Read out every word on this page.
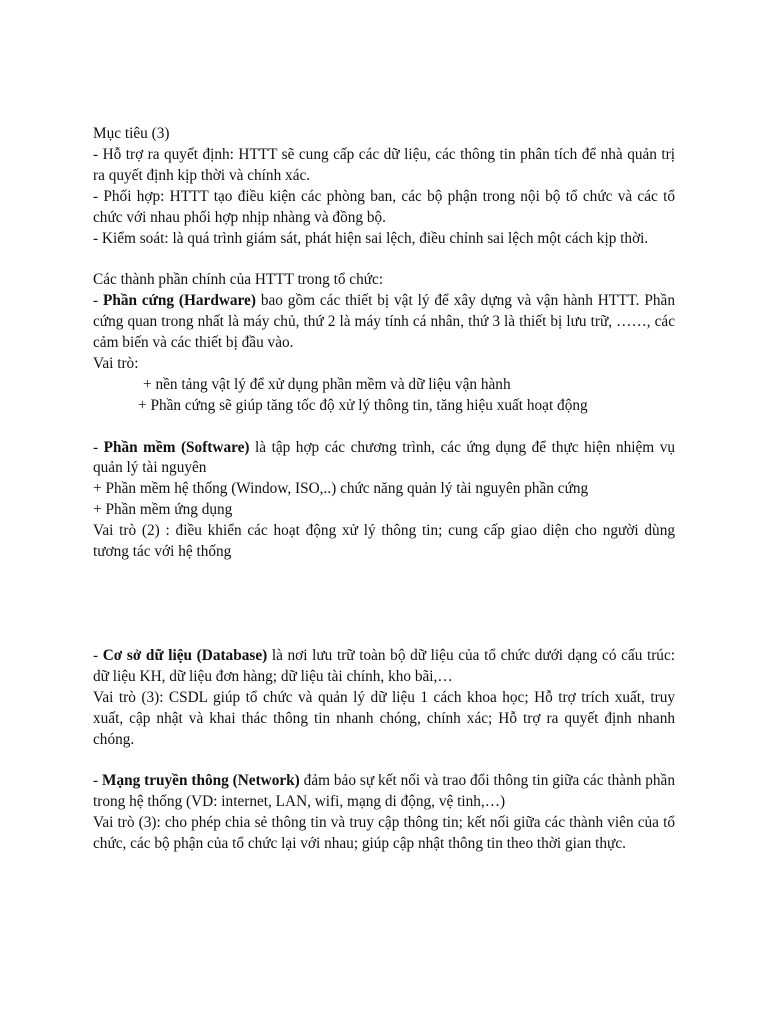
Mục tiêu (3)

- Hỗ trợ ra quyết định: HTTT sẽ cung cấp các dữ liệu, các thông tin phân tích để nhà quản trị ra quyết định kịp thời và chính xác.

- Phối hợp: HTTT tạo điều kiện các phòng ban, các bộ phận trong nội bộ tổ chức và các tổ chức với nhau phối hợp nhịp nhàng và đồng bộ.

- Kiểm soát: là quá trình giám sát, phát hiện sai lệch, điều chỉnh sai lệch một cách kịp thời.

Các thành phần chính của HTTT trong tổ chức:

- Phần cứng (Hardware) bao gồm các thiết bị vật lý để xây dựng và vận hành HTTT. Phần cứng quan trong nhất là máy chủ, thứ 2 là máy tính cá nhân, thứ 3 là thiết bị lưu trữ, ……, các cảm biến và các thiết bị đầu vào.

Vai trò:

+ nền tảng vật lý để xử dụng phần mềm và dữ liệu vận hành

+ Phần cứng sẽ giúp tăng tốc độ xử lý thông tin, tăng hiệu xuất hoạt động

- Phần mềm (Software) là tập hợp các chương trình, các ứng dụng để thực hiện nhiệm vụ quản lý tài nguyên

+ Phần mềm hệ thống (Window, ISO,..) chức năng quản lý tài nguyên phần cứng

+ Phần mềm ứng dụng

Vai trò (2) : điều khiển các hoạt động xử lý thông tin; cung cấp giao diện cho người dùng tương tác với hệ thống

- Cơ sở dữ liệu (Database) là nơi lưu trữ toàn bộ dữ liệu của tổ chức dưới dạng có cấu trúc: dữ liệu KH, dữ liệu đơn hàng; dữ liệu tài chính, kho bãi,…

Vai trò (3): CSDL giúp tổ chức và quản lý dữ liệu 1 cách khoa học; Hỗ trợ trích xuất, truy xuất, cập nhật và khai thác thông tin nhanh chóng, chính xác; Hỗ trợ ra quyết định nhanh chóng.

- Mạng truyền thông (Network) đảm bảo sự kết nối và trao đổi thông tin giữa các thành phần trong hệ thống (VD: internet, LAN, wifi, mạng di động, vệ tinh,…)

Vai trò (3): cho phép chia sẻ thông tin và truy cập thông tin; kết nối giữa các thành viên của tổ chức, các bộ phận của tổ chức lại với nhau; giúp cập nhật thông tin theo thời gian thực.
